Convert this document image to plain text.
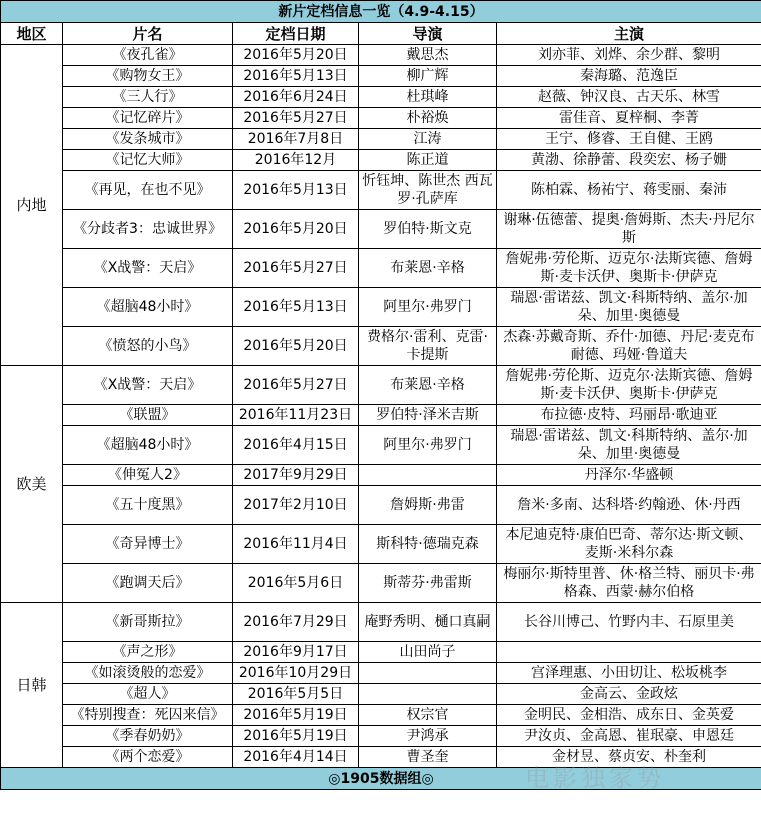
新片定档信息一览（4.9-4.15）				
地区	片名	定档日期	导演	主演
内地	《夜孔雀》	2016年5月20日	戴思杰	刘亦菲、刘烨、余少群、黎明
	《购物女王》	2016年5月13日	柳广辉	秦海璐、范逸臣
	《三人行》	2016年6月24日	杜琪峰	赵薇、钟汉良、古天乐、林雪
	《记忆碎片》	2016年5月27日	朴裕焕	雷佳音、夏梓桐、李菁
	《发条城市》	2016年7月8日	江涛	王宁、修睿、王自健、王鸥
	《记忆大师》	2016年12月	陈正道	黄渤、徐静蕾、段奕宏、杨子姗
	《再见，在也不见》	2016年5月13日	忻钰坤、陈世杰 西瓦罗·孔萨库	陈柏霖、杨祐宁、蒋雯丽、秦沛
	《分歧者3：忠诚世界》	2016年5月20日	罗伯特·斯文克	谢琳·伍德蕾、提奥·詹姆斯、杰夫·丹尼尔斯
	《X战警：天启》	2016年5月27日	布莱恩·辛格	詹妮弗·劳伦斯、迈克尔·法斯宾德、詹姆斯·麦卡沃伊、奥斯卡·伊萨克
	《超脑48小时》	2016年5月13日	阿里尔·弗罗门	瑞恩·雷诺兹、凯文·科斯特纳、盖尔·加朵、加里·奥德曼
	《愤怒的小鸟》	2016年5月20日	费格尔·雷利、克雷·卡提斯	杰森·苏戴奇斯、乔什·加德、丹尼·麦克布耐德、玛娅·鲁道夫
欧美	《X战警：天启》	2016年5月27日	布莱恩·辛格	詹妮弗·劳伦斯、迈克尔·法斯宾德、詹姆斯·麦卡沃伊、奥斯卡·伊萨克
	《联盟》	2016年11月23日	罗伯特·泽米吉斯	布拉德·皮特、玛丽昂·歌迪亚
	《超脑48小时》	2016年4月15日	阿里尔·弗罗门	瑞恩·雷诺兹、凯文·科斯特纳、盖尔·加朵、加里·奥德曼
	《伸冤人2》	2017年9月29日		丹泽尔·华盛顿
	《五十度黑》	2017年2月10日	詹姆斯·弗雷	詹米·多南、达科塔·约翰逊、休·丹西
	《奇异博士》	2016年11月4日	斯科特·德瑞克森	本尼迪克特·康伯巴奇、蒂尔达·斯文顿、麦斯·米科尔森
	《跑调天后》	2016年5月6日	斯蒂芬·弗雷斯	梅丽尔·斯特里普、休·格兰特、丽贝卡·弗格森、西蒙·赫尔伯格
日韩	《新哥斯拉》	2016年7月29日	庵野秀明、樋口真嗣	长谷川博己、竹野内丰、石原里美
	《声之形》	2016年9月17日	山田尚子	
	《如滚烫般的恋爱》	2016年10月29日		宫泽理惠、小田切让、松坂桃李
	《超人》	2016年5月5日		金高云、金政炫
	《特别搜查：死囚来信》	2016年5月19日	权宗官	金明民、金相浩、成东日、金英爱
	《季春奶奶》	2016年5月19日	尹鸿承	尹汝贞、金高恩、崔珉豪、申恩廷
	《两个恋爱》	2016年4月14日	曹圣奎	金材昱、蔡贞安、朴奎利
◎1905数据组◎					电影独家势
